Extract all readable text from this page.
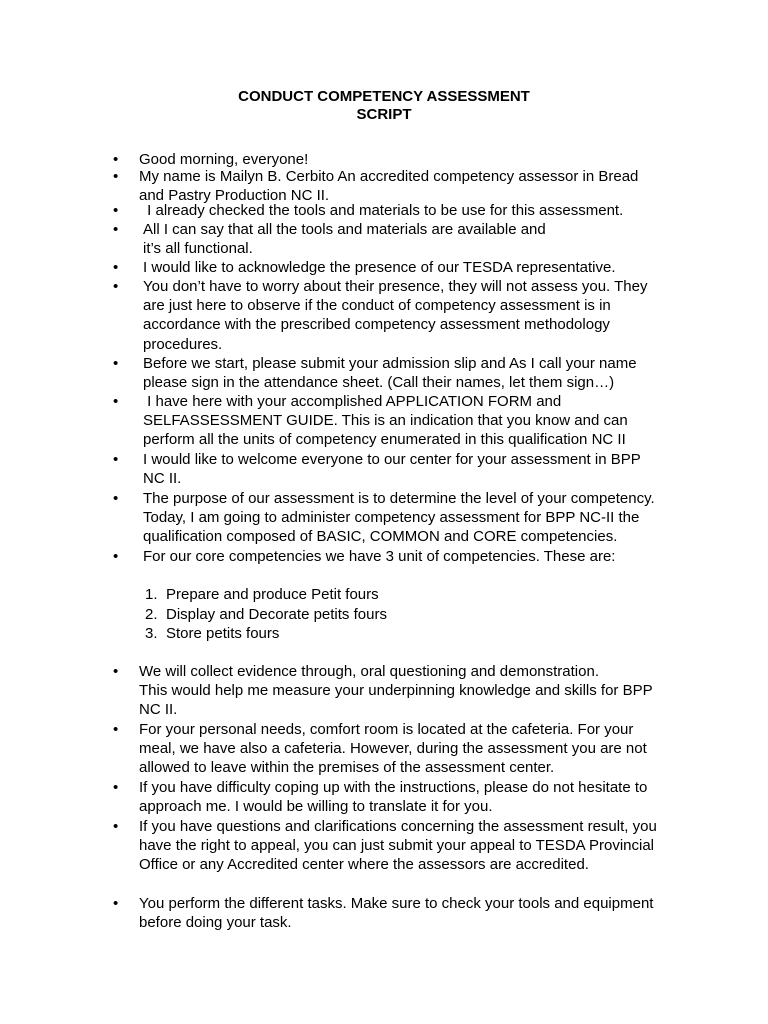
CONDUCT COMPETENCY ASSESSMENT
SCRIPT
•	Good morning, everyone!
•	My name is Mailyn B. Cerbito An accredited competency assessor in Bread
and Pastry Production NC II.
•	I already checked the tools and materials to be use for this assessment.
•	All I can say that all the tools and materials are available and
it’s all functional.
•	I would like to acknowledge the presence of our TESDA representative.
•	You don’t have to worry about their presence, they will not assess you. They
are just here to observe if the conduct of competency assessment is in
accordance with the prescribed competency assessment methodology
procedures.
•	Before we start, please submit your admission slip and As I call your name
please sign in the attendance sheet. (Call their names, let them sign…)
•	I have here with your accomplished APPLICATION FORM and
SELFASSESSMENT GUIDE. This is an indication that you know and can
perform all the units of competency enumerated in this qualification NC II
•	I would like to welcome everyone to our center for your assessment in BPP
NC II.
•	The purpose of our assessment is to determine the level of your competency.
Today, I am going to administer competency assessment for BPP NC-II the
qualification composed of BASIC, COMMON and CORE competencies.
•	For our core competencies we have 3 unit of competencies. These are:
1. Prepare and produce Petit fours
2. Display and Decorate petits fours
3. Store petits fours
•	We will collect evidence through, oral questioning and demonstration.
This would help me measure your underpinning knowledge and skills for BPP
NC II.
•	For your personal needs, comfort room is located at the cafeteria. For your
meal, we have also a cafeteria. However, during the assessment you are not
allowed to leave within the premises of the assessment center.
•	If you have difficulty coping up with the instructions, please do not hesitate to
approach me. I would be willing to translate it for you.
•	If you have questions and clarifications concerning the assessment result, you
have the right to appeal, you can just submit your appeal to TESDA Provincial
Office or any Accredited center where the assessors are accredited.
•	You perform the different tasks. Make sure to check your tools and equipment
before doing your task.
